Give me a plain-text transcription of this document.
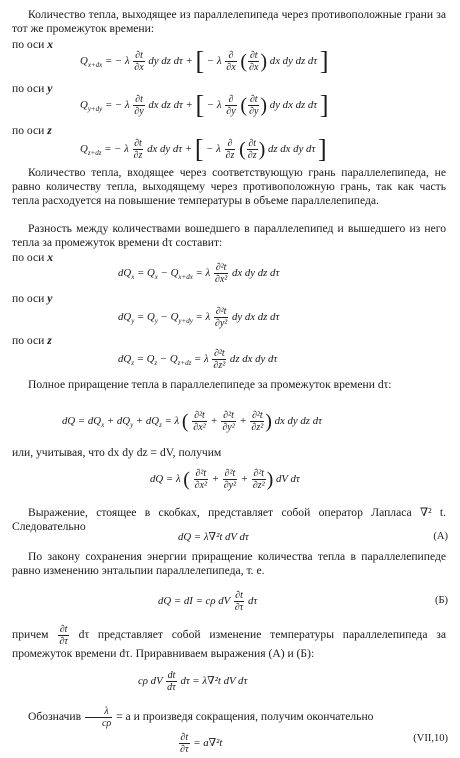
Количество тепла, выходящее из параллелепипеда через противоположные грани за тот же промежуток времени:
по оси x
$Q_{x+dx}$ = − λ $\frac{\partial t}{\partial x}$ dy dz dτ + [ − λ $\frac{\partial}{\partial x}$ ( $\frac{\partial t}{\partial x}$ ) dx dy dz dτ ]
по оси y
$Q_{y+dy}$ = − λ $\frac{\partial t}{\partial y}$ dx dz dτ + [ − λ $\frac{\partial}{\partial y}$ ( $\frac{\partial t}{\partial y}$ ) dy dx dz dτ ]
по оси z
$Q_{z+dz}$ = − λ $\frac{\partial t}{\partial z}$ dx dy dτ + [ − λ $\frac{\partial}{\partial z}$ ( $\frac{\partial t}{\partial z}$ ) dz dx dy dτ ]
Количество тепла, входящее через соответствующую грань параллелепипеда, не равно количеству тепла, выходящему через противоположную грань, так как часть тепла расходуется на повышение температуры в объеме параллелепипеда.
Разность между количествами вошедшего в параллелепипед и вышедшего из него тепла за промежуток времени dτ составит:
по оси x
$dQ_x = Q_x - Q_{x+dx} = \lambda \frac{\text{∂²t}}{\text{∂x²}}$ dx dy dz dτ
по оси y
$dQ_y = Q_y - Q_{y+dy} = \lambda \frac{\text{∂²t}}{\text{∂y²}}$ dy dx dz dτ
по оси z
$dQ_z = Q_z - Q_{z+dz} = \lambda \frac{\text{∂²t}}{\text{∂z²}}$ dz dx dy dτ
Полное приращение тепла в параллелепипеде за промежуток времени dτ:
dQ = $dQ_x + dQ_y + dQ_z = \lambda$ ( $\frac{\text{∂²t}}{\text{∂x²}} + \frac{\text{∂²t}}{\text{∂y²}} + \frac{\text{∂²t}}{\text{∂z²}}$ ) dx dy dz dτ
или, учитывая, что dx dy dz = dV, получим
dQ = λ ( $\frac{\text{∂²t}}{\text{∂x²}} + \frac{\text{∂²t}}{\text{∂y²}} + \frac{\text{∂²t}}{\text{∂z²}}$ ) dV dτ
Выражение, стоящее в скобках, представляет собой оператор Лапласа ∇² t. Следовательно
dQ = λ∇²t dV dτ	(А)
По закону сохранения энергии приращение количества тепла в параллелепипеде равно изменению энтальпии параллелепипеда, т. е.
dQ = dI = cρ dV $\frac{\partial t}{\partial\tau}$ dτ	(Б)
причем $\frac{\partial t}{\partial\tau}$ dτ представляет собой изменение температуры параллелепипеда за промежуток времени dτ. Приравниваем выражения (А) и (Б):
cρ dV $\frac{dt}{d\tau}$ dτ = λ∇²t dV dτ
Обозначив $\frac{\lambda}{c\rho} = a$ и произведя сокращения, получим окончательно
$\frac{\partial t}{\partial\tau} = a\nabla^2t$	(VII,10)
